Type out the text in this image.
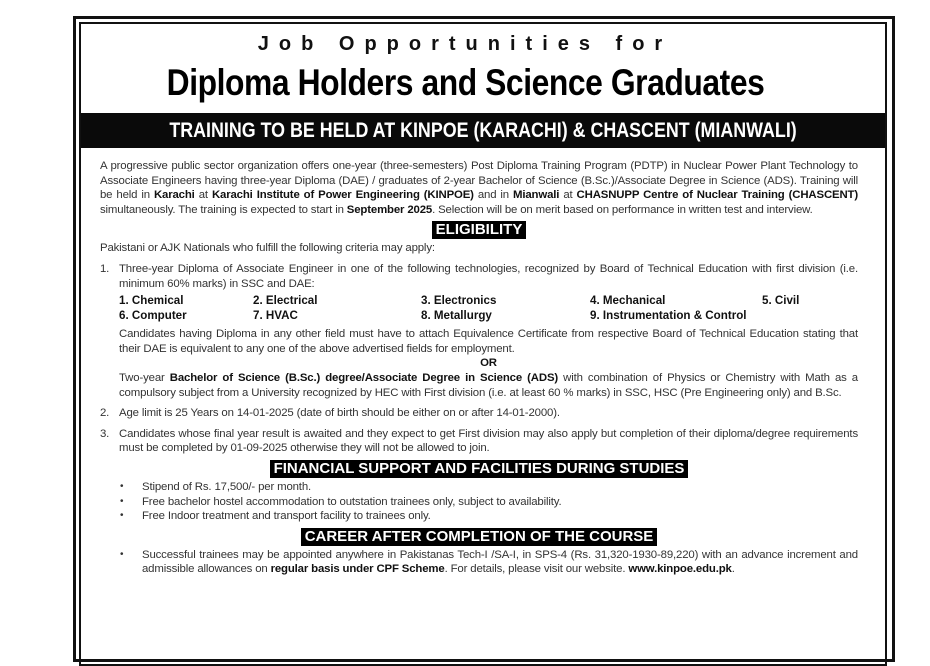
Job Opportunities for
Diploma Holders and Science Graduates
TRAINING TO BE HELD AT KINPOE (KARACHI) & CHASCENT (MIANWALI)
A progressive public sector organization offers one-year (three-semesters) Post Diploma Training Program (PDTP) in Nuclear Power Plant Technology to Associate Engineers having three-year Diploma (DAE) / graduates of 2-year Bachelor of Science (B.Sc.)/Associate Degree in Science (ADS). Training will be held in Karachi at Karachi Institute of Power Engineering (KINPOE) and in Mianwali at CHASNUPP Centre of Nuclear Training (CHASCENT) simultaneously. The training is expected to start in September 2025. Selection will be on merit based on performance in written test and interview.
ELIGIBILITY
Pakistani or AJK Nationals who fulfill the following criteria may apply:
1. Three-year Diploma of Associate Engineer in one of the following technologies, recognized by Board of Technical Education with first division (i.e. minimum 60% marks) in SSC and DAE:
1. Chemical	2. Electrical	3. Electronics	4. Mechanical	5. Civil
6. Computer	7. HVAC	8. Metallurgy	9. Instrumentation & Control
Candidates having Diploma in any other field must have to attach Equivalence Certificate from respective Board of Technical Education stating that their DAE is equivalent to any one of the above advertised fields for employment.
OR
Two-year Bachelor of Science (B.Sc.) degree/Associate Degree in Science (ADS) with combination of Physics or Chemistry with Math as a compulsory subject from a University recognized by HEC with First division (i.e. at least 60 % marks) in SSC, HSC (Pre Engineering only) and B.Sc.
2. Age limit is 25 Years on 14-01-2025 (date of birth should be either on or after 14-01-2000).
3. Candidates whose final year result is awaited and they expect to get First division may also apply but completion of their diploma/degree requirements must be completed by 01-09-2025 otherwise they will not be allowed to join.
FINANCIAL SUPPORT AND FACILITIES DURING STUDIES
• Stipend of Rs. 17,500/- per month.
• Free bachelor hostel accommodation to outstation trainees only, subject to availability.
• Free Indoor treatment and transport facility to trainees only.
CAREER AFTER COMPLETION OF THE COURSE
• Successful trainees may be appointed anywhere in Pakistanas Tech-I /SA-I, in SPS-4 (Rs. 31,320-1930-89,220) with an advance increment and admissible allowances on regular basis under CPF Scheme. For details, please visit our website. www.kinpoe.edu.pk.
